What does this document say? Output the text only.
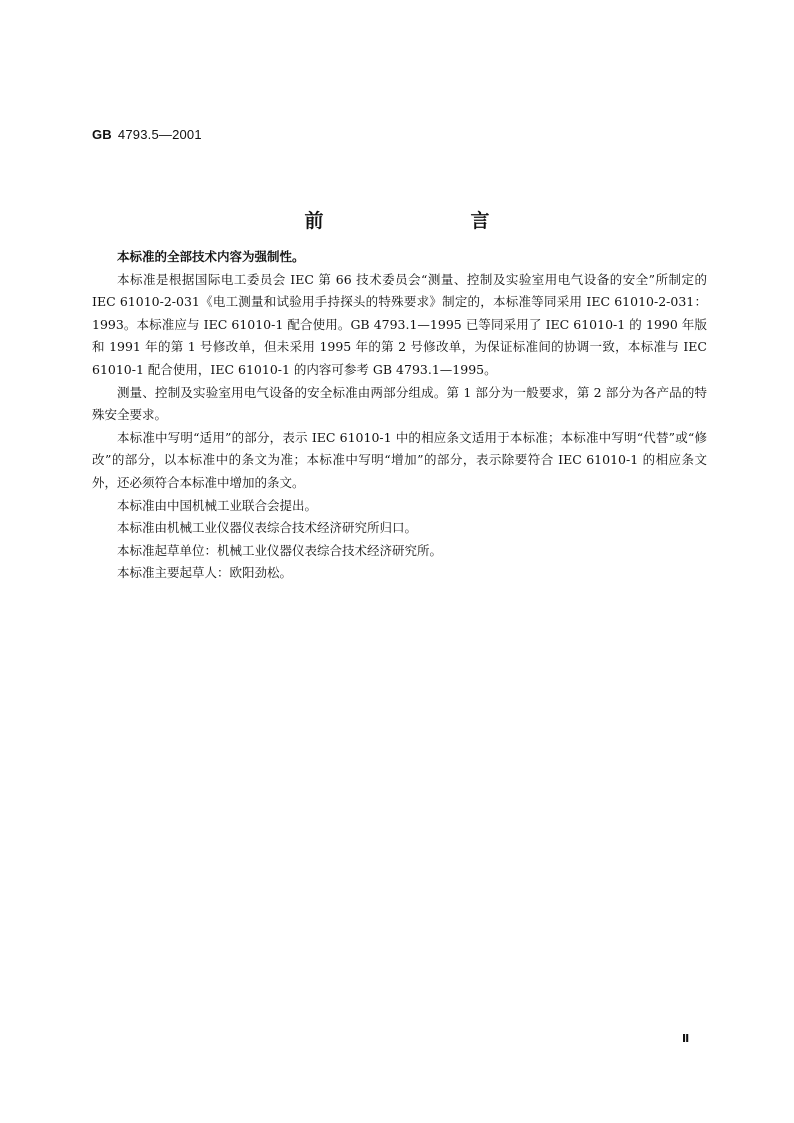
GB 4793.5—2001
前　言

本标准的全部技术内容为强制性。

本标准是根据国际电工委员会 IEC 第 66 技术委员会“测量、控制及实验室用电气设备的安全”所制定的 IEC 61010-2-031《电工测量和试验用手持探头的特殊要求》制定的，本标准等同采用 IEC 61010-2-031：1993。本标准应与 IEC 61010-1 配合使用。GB 4793.1—1995 已等同采用了 IEC 61010-1 的 1990 年版和 1991 年的第 1 号修改单，但未采用 1995 年的第 2 号修改单，为保证标准间的协调一致，本标准与 IEC 61010-1 配合使用，IEC 61010-1 的内容可参考 GB 4793.1—1995。

测量、控制及实验室用电气设备的安全标准由两部分组成。第 1 部分为一般要求，第 2 部分为各产品的特殊安全要求。

本标准中写明“适用”的部分，表示 IEC 61010-1 中的相应条文适用于本标准；本标准中写明“代替”或“修改”的部分，以本标准中的条文为准；本标准中写明“增加”的部分，表示除要符合 IEC 61010-1 的相应条文外，还必须符合本标准中增加的条文。

本标准由中国机械工业联合会提出。

本标准由机械工业仪器仪表综合技术经济研究所归口。

本标准起草单位：机械工业仪器仪表综合技术经济研究所。

本标准主要起草人：欧阳劲松。

Ⅱ
